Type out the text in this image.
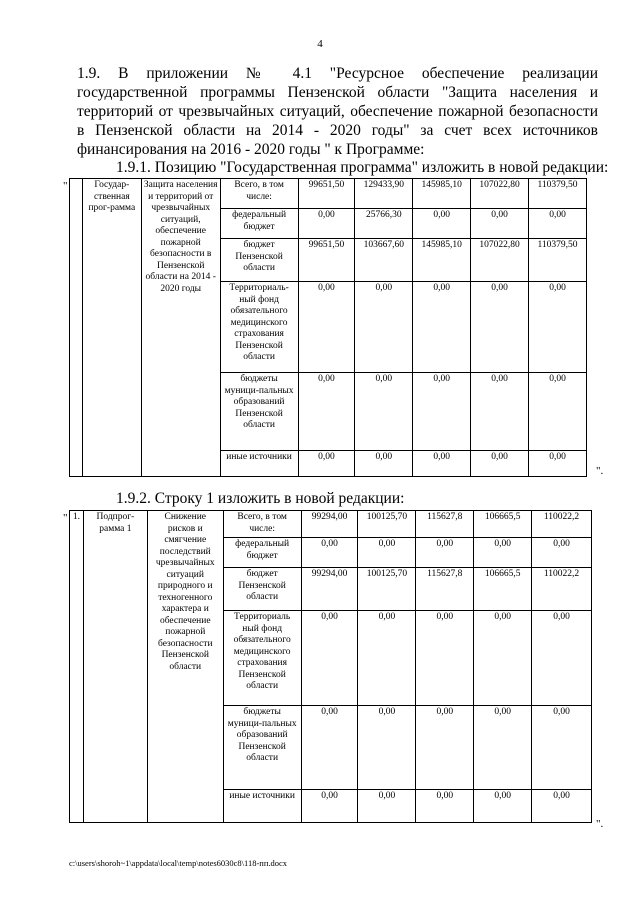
4

1.9. В приложении № 4.1 "Ресурсное обеспечение реализации
государственной программы Пензенской области "Защита населения и
территорий от чрезвычайных ситуаций, обеспечение пожарной безопасности
в Пензенской области на 2014 - 2020 годы" за счет всех источников
финансирования на 2016 - 2020 годы " к Программе:

1.9.1. Позицию "Государственная программа" изложить в новой редакции:
"
		Государ-ственная прог-рамма	Защита населения и территорий от чрезвычайных ситуаций, обеспечение пожарной безопасности в Пензенской области на 2014 - 2020 годы	Всего, в том числе:	99651,50	129433,90	145985,10	107022,80	110379,50
			федеральный бюджет	0,00	25766,30	0,00	0,00	0,00
			бюджет Пензенской области	99651,50	103667,60	145985,10	107022,80	110379,50
			Территориаль-ный фонд обязательного медицинского страхования Пензенской области	0,00	0,00	0,00	0,00	0,00
			бюджеты муници-пальных образований Пензенской области	0,00	0,00	0,00	0,00	0,00
			иные источники	0,00	0,00	0,00	0,00	0,00
".
1.9.2. Строку 1 изложить в новой редакции:
" 1.	Подпрог-рамма 1	Снижение рисков и смягчение последствий чрезвычайных ситуаций природного и техногенного характера и обеспечение пожарной безопасности Пензенской области	Всего, в том числе:	99294,00	100125,70	115627,8	106665,5	110022,2
			федеральный бюджет	0,00	0,00	0,00	0,00	0,00
			бюджет Пензенской области	99294,00	100125,70	115627,8	106665,5	110022,2
			Территориаль ный фонд обязательного медицинского страхования Пензенской области	0,00	0,00	0,00	0,00	0,00
			бюджеты муници-пальных образований Пензенской области	0,00	0,00	0,00	0,00	0,00
			иные источники	0,00	0,00	0,00	0,00	0,00
".
c:\users\shoroh~1\appdata\local\temp\notes6030c8\118-пп.docx
